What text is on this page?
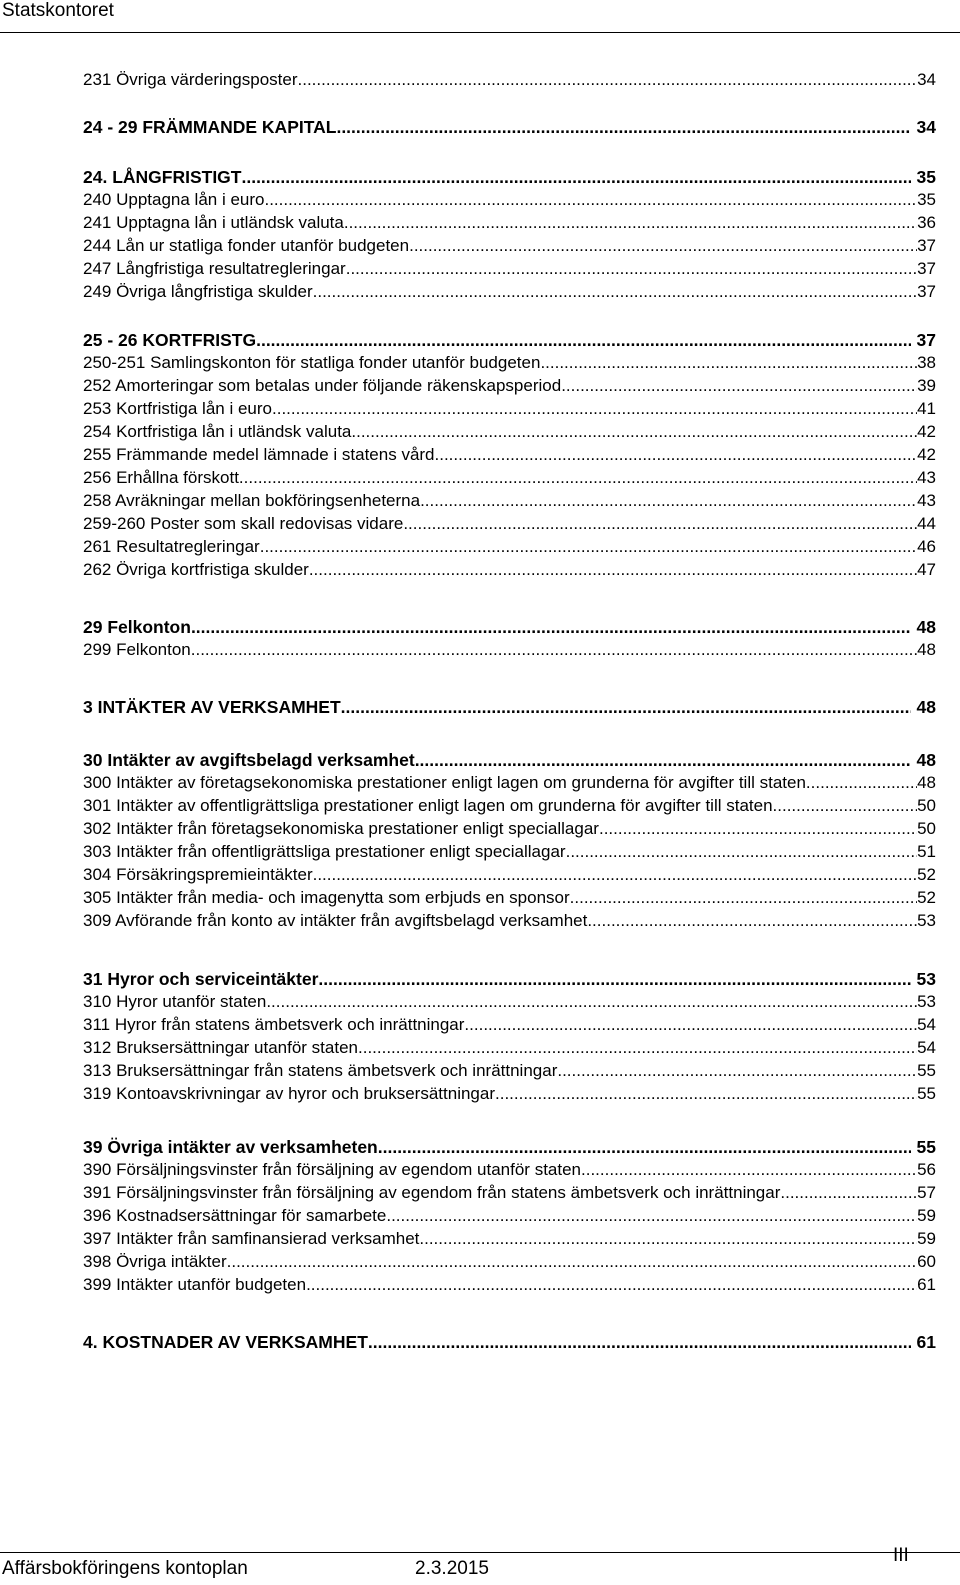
Statskontoret
231 Övriga värderingsposter .....	34
24 - 29 FRÄMMANDE KAPITAL .....	34
24. LÅNGFRISTIGT .....	35
240 Upptagna lån i euro .....	35
241 Upptagna lån i utländsk valuta .....	36
244 Lån ur statliga fonder utanför budgeten .....	37
247 Långfristiga resultatregleringar .....	37
249 Övriga långfristiga skulder .....	37
25 - 26 KORTFRISTG .....	37
250-251 Samlingskonton för statliga fonder utanför budgeten .....	38
252 Amorteringar som betalas under följande räkenskapsperiod .....	39
253 Kortfristiga lån i euro .....	41
254 Kortfristiga lån i utländsk valuta .....	42
255 Främmande medel lämnade i statens vård .....	42
256 Erhållna förskott .....	43
258 Avräkningar mellan bokföringsenheterna .....	43
259-260 Poster som skall redovisas vidare .....	44
261 Resultatregleringar .....	46
262 Övriga kortfristiga skulder .....	47
29 Felkonton .....	48
299 Felkonton .....	48
3 INTÄKTER AV VERKSAMHET .....	48
30 Intäkter av avgiftsbelagd verksamhet .....	48
300 Intäkter av företagsekonomiska prestationer enligt lagen om grunderna för avgifter till staten .....	48
301 Intäkter av offentligrättsliga prestationer enligt lagen om grunderna för avgifter till staten .....	50
302 Intäkter från företagsekonomiska prestationer enligt speciallagar .....	50
303 Intäkter från offentligrättsliga prestationer enligt speciallagar .....	51
304 Försäkringspremieintäkter .....	52
305 Intäkter från media- och imagenytta som erbjuds en sponsor .....	52
309 Avförande från konto av intäkter från avgiftsbelagd verksamhet .....	53
31 Hyror och serviceintäkter .....	53
310 Hyror utanför staten .....	53
311 Hyror från statens ämbetsverk och inrättningar .....	54
312 Bruksersättningar utanför staten .....	54
313 Bruksersättningar från statens ämbetsverk och inrättningar .....	55
319 Kontoavskrivningar av hyror och bruksersättningar .....	55
39 Övriga intäkter av verksamheten .....	55
390 Försäljningsvinster från försäljning av egendom utanför staten .....	56
391 Försäljningsvinster från försäljning av egendom från statens ämbetsverk och inrättningar .....	57
396 Kostnadsersättningar för samarbete .....	59
397 Intäkter från samfinansierad verksamhet .....	59
398 Övriga intäkter .....	60
399 Intäkter utanför budgeten .....	61
4. KOSTNADER AV VERKSAMHET .....	61
Affärsbokföringens kontoplan	2.3.2015
III
